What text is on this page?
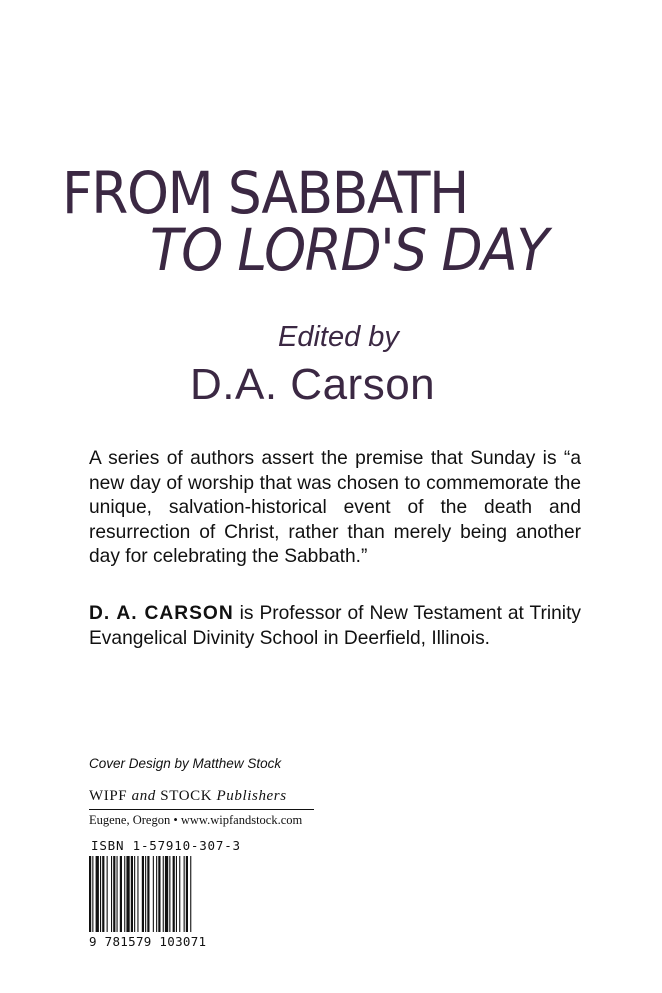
FROM SABBATH
TO LORD'S DAY
Edited by
D.A. Carson

A series of authors assert the premise that Sunday is “a new day of worship that was chosen to commemorate the unique, salvation-historical event of the death and resurrection of Christ, rather than merely being another day for celebrating the Sabbath.”

D. A. CARSON is Professor of New Testament at Trinity Evangelical Divinity School in Deerfield, Illinois.

Cover Design by Matthew Stock
WIPF and STOCK Publishers
Eugene, Oregon • www.wipfandstock.com
ISBN 1-57910-307-3
9 781579 103071
